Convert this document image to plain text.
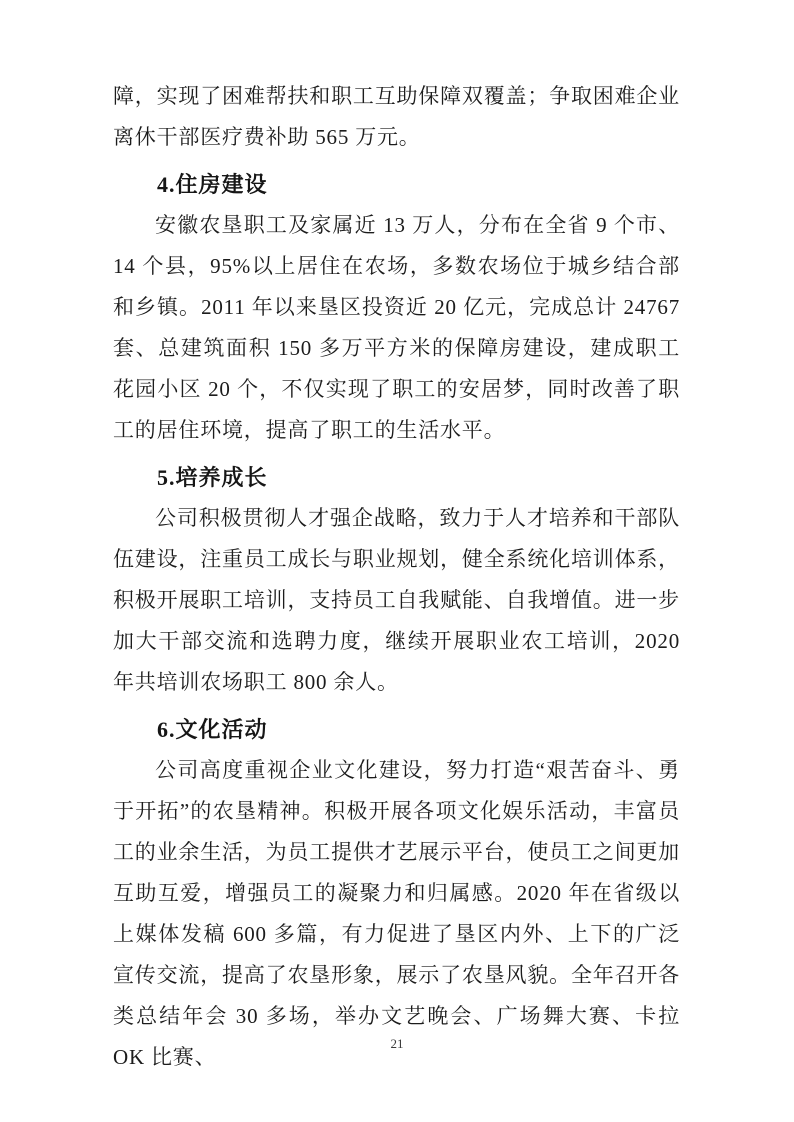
障，实现了困难帮扶和职工互助保障双覆盖；争取困难企业离休干部医疗费补助 565 万元。

4.住房建设

安徽农垦职工及家属近 13 万人，分布在全省 9 个市、14 个县，95%以上居住在农场，多数农场位于城乡结合部和乡镇。2011 年以来垦区投资近 20 亿元，完成总计 24767 套、总建筑面积 150 多万平方米的保障房建设，建成职工花园小区 20 个，不仅实现了职工的安居梦，同时改善了职工的居住环境，提高了职工的生活水平。

5.培养成长

公司积极贯彻人才强企战略，致力于人才培养和干部队伍建设，注重员工成长与职业规划，健全系统化培训体系，积极开展职工培训，支持员工自我赋能、自我增值。进一步加大干部交流和选聘力度，继续开展职业农工培训，2020 年共培训农场职工 800 余人。

6.文化活动

公司高度重视企业文化建设，努力打造“艰苦奋斗、勇于开拓”的农垦精神。积极开展各项文化娱乐活动，丰富员工的业余生活，为员工提供才艺展示平台，使员工之间更加互助互爱，增强员工的凝聚力和归属感。2020 年在省级以上媒体发稿 600 多篇，有力促进了垦区内外、上下的广泛宣传交流，提高了农垦形象，展示了农垦风貌。全年召开各类总结年会 30 多场，举办文艺晚会、广场舞大赛、卡拉 OK 比赛、

21
